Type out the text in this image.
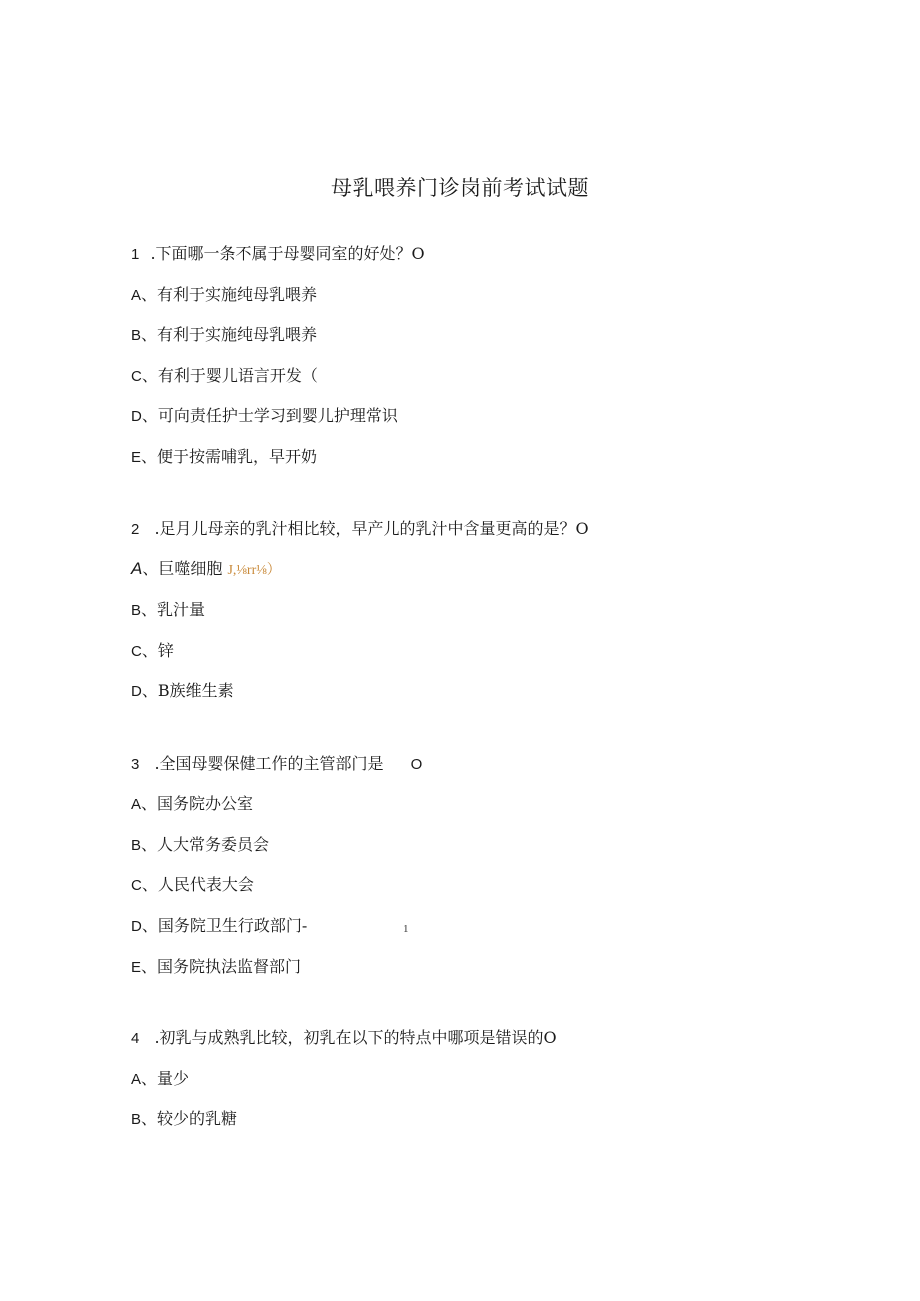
母乳喂养门诊岗前考试试题
1 .下面哪一条不属于母婴同室的好处？O
A、有利于实施纯母乳喂养
B、有利于实施纯母乳喂养
C、有利于婴儿语言开发（
D、可向责任护士学习到婴儿护理常识
E、便于按需哺乳，早开奶
2 .足月儿母亲的乳汁相比较，早产儿的乳汁中含量更高的是？O
A、巨噬细胞 J,⅛rr⅛）
B、乳汁量
C、锌
D、B族维生素
3 .全国母婴保健工作的主管部门是 O
A、国务院办公室
B、人大常务委员会
C、人民代表大会
D、国务院卫生行政部门-	1
E、国务院执法监督部门
4 .初乳与成熟乳比较，初乳在以下的特点中哪项是错误的O
A、量少
B、较少的乳糖
